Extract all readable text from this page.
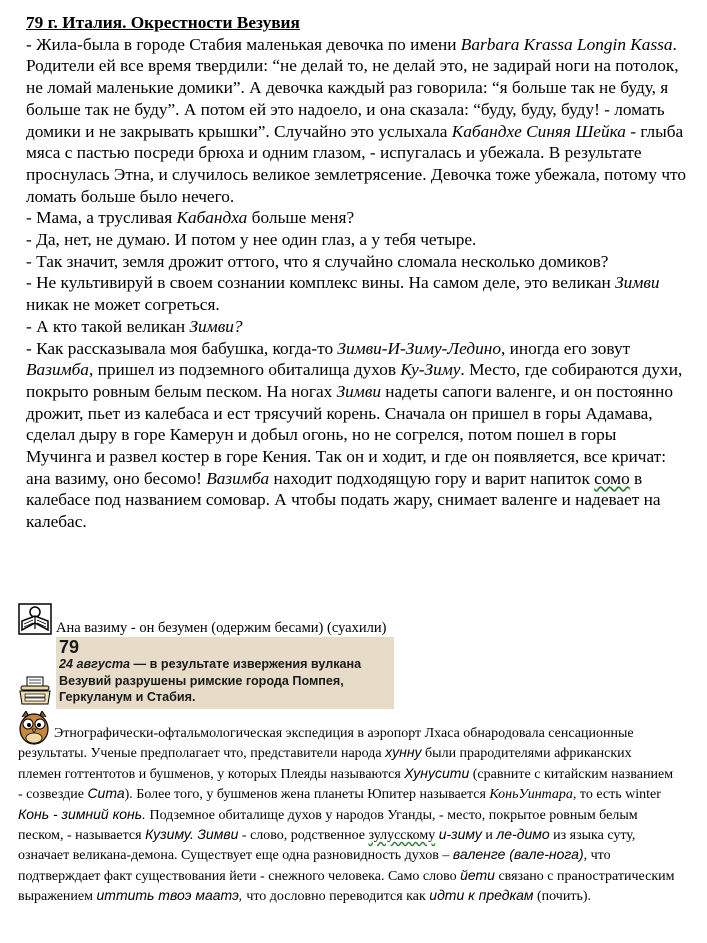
79 г. Италия. Окрестности Везувия

- Жила-была в городе Стабия маленькая девочка по имени Barbara Krassa Longin Kassa. Родители ей все время твердили: “не делай то, не делай это, не задирай ноги на потолок, не ломай маленькие домики”. А девочка каждый раз говорила: “я больше так не буду, я больше так не буду”. А потом ей это надоело, и она сказала: “буду, буду, буду! - ломать домики и не закрывать крышки”. Случайно это услыхала Кабандхе Синяя Шейка - глыба мяса с пастью посреди брюха и одним глазом, - испугалась и убежала. В результате проснулась Этна, и случилось великое землетрясение. Девочка тоже убежала, потому что ломать больше было нечего.

- Мама, а трусливая Кабандха больше меня?

- Да, нет, не думаю. И потом у нее один глаз, а у тебя четыре.

- Так значит, земля дрожит оттого, что я случайно сломала несколько домиков?

- Не культивируй в своем сознании комплекс вины. На самом деле, это великан Зимви никак не может согреться.

- А кто такой великан Зимви?

- Как рассказывала моя бабушка, когда-то Зимви-И-Зиму-Ледино, иногда его зовут Вазимба, пришел из подземного обиталища духов Ку-Зиму. Место, где собираются духи, покрыто ровным белым песком. На ногах Зимви надеты сапоги валенге, и он постоянно дрожит, пьет из калебаса и ест трясучий корень. Сначала он пришел в горы Адамава, сделал дыру в горе Камерун и добыл огонь, но не согрелся, потом пошел в горы Мучинга и развел костер в горе Кения. Так он и ходит, и где он появляется, все кричат: ана вазиму, оно бесомо! Вазимба находит подходящую гору и варит напиток сомо в калебасе под названием сомовар. А чтобы подать жару, снимает валенге и надевает на калебас.

Ана вазиму - он безумен (одержим бесами) (суахили)
79
24 августа — в результате извержения вулкана Везувий разрушены римские города Помпея, Геркуланум и Стабия.

Этнографически-офтальмологическая экспедиция в аэропорт Лхаса обнародовала сенсационные результаты. Ученые предполагает что, представители народа хунну были прародителями африканских племен готтентотов и бушменов, у которых Плеяды называются Хунусити (сравните с китайским названием - созвездие Сита). Более того, у бушменов жена планеты Юпитер называется КоньУинтара, то есть winter Конь - зимний конь. Подземное обиталище духов у народов Уганды, - место, покрытое ровным белым песком, - называется Кузиму. Зимви - слово, родственное зулусскому и-зиму и ле-димо из языка суту, означает великана-демона. Существует еще одна разновидность духов – валенге (вале-нога), что подтверждает факт существования йети - снежного человека. Само слово йети связано с праностратическим выражением иттить твоэ маатэ, что дословно переводится как идти к предкам (почить).
